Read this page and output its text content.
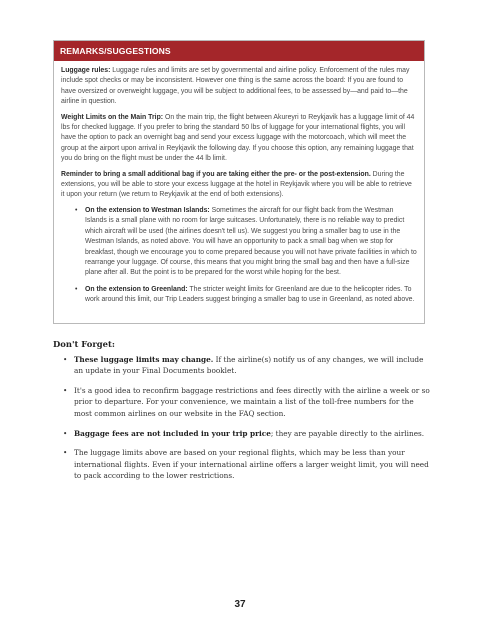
REMARKS/SUGGESTIONS

Luggage rules: Luggage rules and limits are set by governmental and airline policy. Enforcement of the rules may include spot checks or may be inconsistent. However one thing is the same across the board: If you are found to have oversized or overweight luggage, you will be subject to additional fees, to be assessed by—and paid to—the airline in question.

Weight Limits on the Main Trip: On the main trip, the flight between Akureyri to Reykjavik has a luggage limit of 44 lbs for checked luggage. If you prefer to bring the standard 50 lbs of luggage for your international flights, you will have the option to pack an overnight bag and send your excess luggage with the motorcoach, which will meet the group at the airport upon arrival in Reykjavik the following day. If you choose this option, any remaining luggage that you do bring on the flight must be under the 44 lb limit.

Reminder to bring a small additional bag if you are taking either the pre- or the post-extension. During the extensions, you will be able to store your excess luggage at the hotel in Reykjavik where you will be able to retrieve it upon your return (we return to Reykjavik at the end of both extensions).

• On the extension to Westman Islands: Sometimes the aircraft for our flight back from the Westman Islands is a small plane with no room for large suitcases. Unfortunately, there is no reliable way to predict which aircraft will be used (the airlines doesn't tell us). We suggest you bring a smaller bag to use in the Westman Islands, as noted above. You will have an opportunity to pack a small bag when we stop for breakfast, though we encourage you to come prepared because you will not have private facilities in which to rearrange your luggage. Of course, this means that you might bring the small bag and then have a full-size plane after all. But the point is to be prepared for the worst while hoping for the best.
• On the extension to Greenland: The stricter weight limits for Greenland are due to the helicopter rides. To work around this limit, our Trip Leaders suggest bringing a smaller bag to use in Greenland, as noted above.
Don't Forget:
• These luggage limits may change. If the airline(s) notify us of any changes, we will include an update in your Final Documents booklet.
• It's a good idea to reconfirm baggage restrictions and fees directly with the airline a week or so prior to departure. For your convenience, we maintain a list of the toll-free numbers for the most common airlines on our website in the FAQ section.
• Baggage fees are not included in your trip price; they are payable directly to the airlines.
• The luggage limits above are based on your regional flights, which may be less than your international flights. Even if your international airline offers a larger weight limit, you will need to pack according to the lower restrictions.
37
